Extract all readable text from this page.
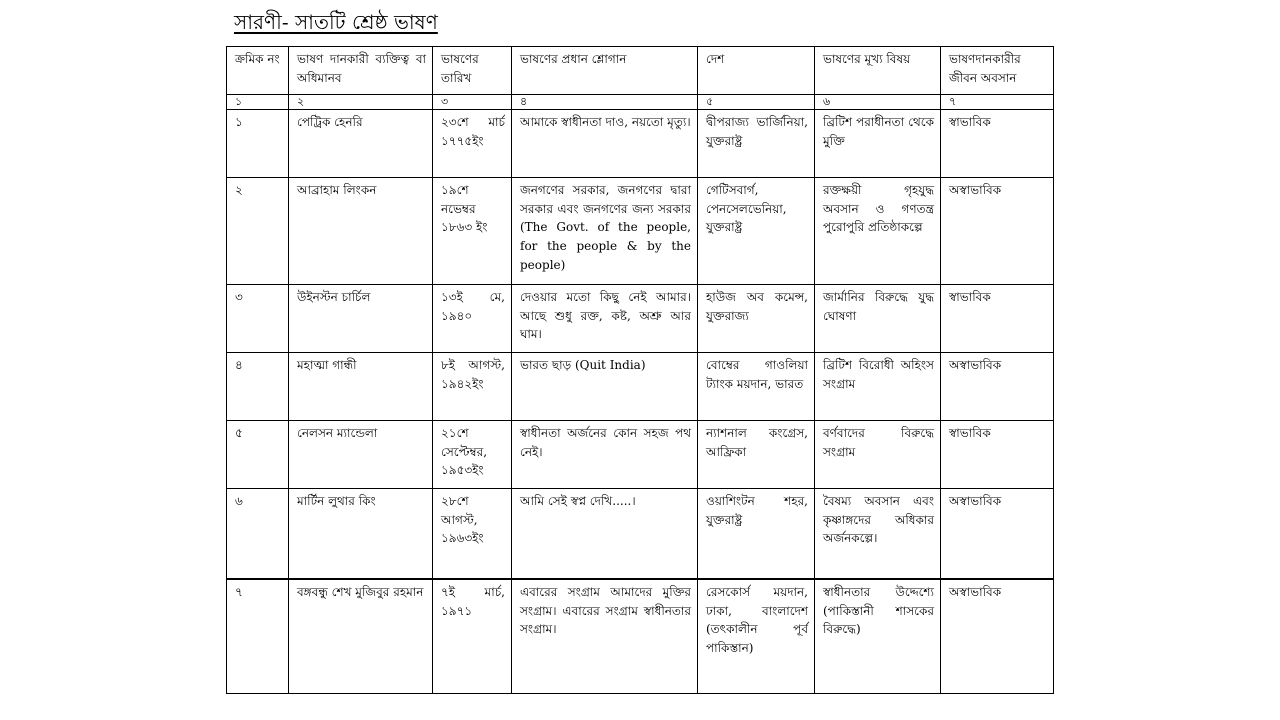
সারণী- সাতটি শ্রেষ্ঠ ভাষণ
ক্রমিক নং	ভাষণ দানকারী ব্যক্তিত্ব বা অধিমানব	ভাষণের তারিখ	ভাষণের প্রধান শ্লোগান	দেশ	ভাষণের মূখ্য বিষয়	ভাষণদানকারীর জীবন অবসান
১	২	৩	৪	৫	৬	৭
১	পেট্রিক হেনরি	২৩শে মার্চ ১৭৭৫ইং	আমাকে স্বাধীনতা দাও, নয়তো মৃত্যু।	দ্বীপরাজ্য ভার্জিনিয়া, যুক্তরাষ্ট্র	ব্রিটিশ পরাধীনতা থেকে মুক্তি	স্বাভাবিক
২	আব্রাহাম লিংকন	১৯শে নভেম্বর ১৮৬৩ ইং	জনগণের সরকার, জনগণের দ্বারা সরকার এবং জনগণের জন্য সরকার (The Govt. of the people, for the people & by the people)	গেটিসবার্গ, পেনসেলভেনিয়া, যুক্তরাষ্ট্র	রক্তক্ষয়ী গৃহযুদ্ধ অবসান ও গণতন্ত্র পুরোপুরি প্রতিষ্ঠাকল্পে	অস্বাভাবিক
৩	উইনস্টন চার্চিল	১৩ই মে, ১৯৪০	দেওয়ার মতো কিছু নেই আমার। আছে শুধু রক্ত, কষ্ট, অশ্রু আর ঘাম।	হাউজ অব কমেন্স, যুক্তরাজ্য	জার্মানির বিরুদ্ধে যুদ্ধ ঘোষণা	স্বাভাবিক
৪	মহাত্মা গান্ধী	৮ই আগস্ট, ১৯৪২ইং	ভারত ছাড় (Quit India)	বোম্বের গাওলিয়া ট্যাংক ময়দান, ভারত	ব্রিটিশ বিরোধী অহিংস সংগ্রাম	অস্বাভাবিক
৫	নেলসন ম্যান্ডেলা	২১শে সেপ্টেম্বর, ১৯৫৩ইং	স্বাধীনতা অর্জনের কোন সহজ পথ নেই।	ন্যাশনাল কংগ্রেস, আফ্রিকা	বর্ণবাদের বিরুদ্ধে সংগ্রাম	স্বাভাবিক
৬	মার্টিন লুথার কিং	২৮শে আগস্ট, ১৯৬৩ইং	আমি সেই স্বপ্ন দেখি.....।	ওয়াশিংটন শহর, যুক্তরাষ্ট্র	বৈষম্য অবসান এবং কৃষ্ণাঙ্গদের অধিকার অর্জনকল্পে।	অস্বাভাবিক
৭	বঙ্গবন্ধু শেখ মুজিবুর রহমান	৭ই মার্চ, ১৯৭১	এবারের সংগ্রাম আমাদের মুক্তির সংগ্রাম। এবারের সংগ্রাম স্বাধীনতার সংগ্রাম।	রেসকোর্স ময়দান, ঢাকা, বাংলাদেশ (তৎকালীন পূর্ব পাকিস্তান)	স্বাধীনতার উদ্দেশ্যে (পাকিস্তানী শাসকের বিরুদ্ধে)	অস্বাভাবিক
